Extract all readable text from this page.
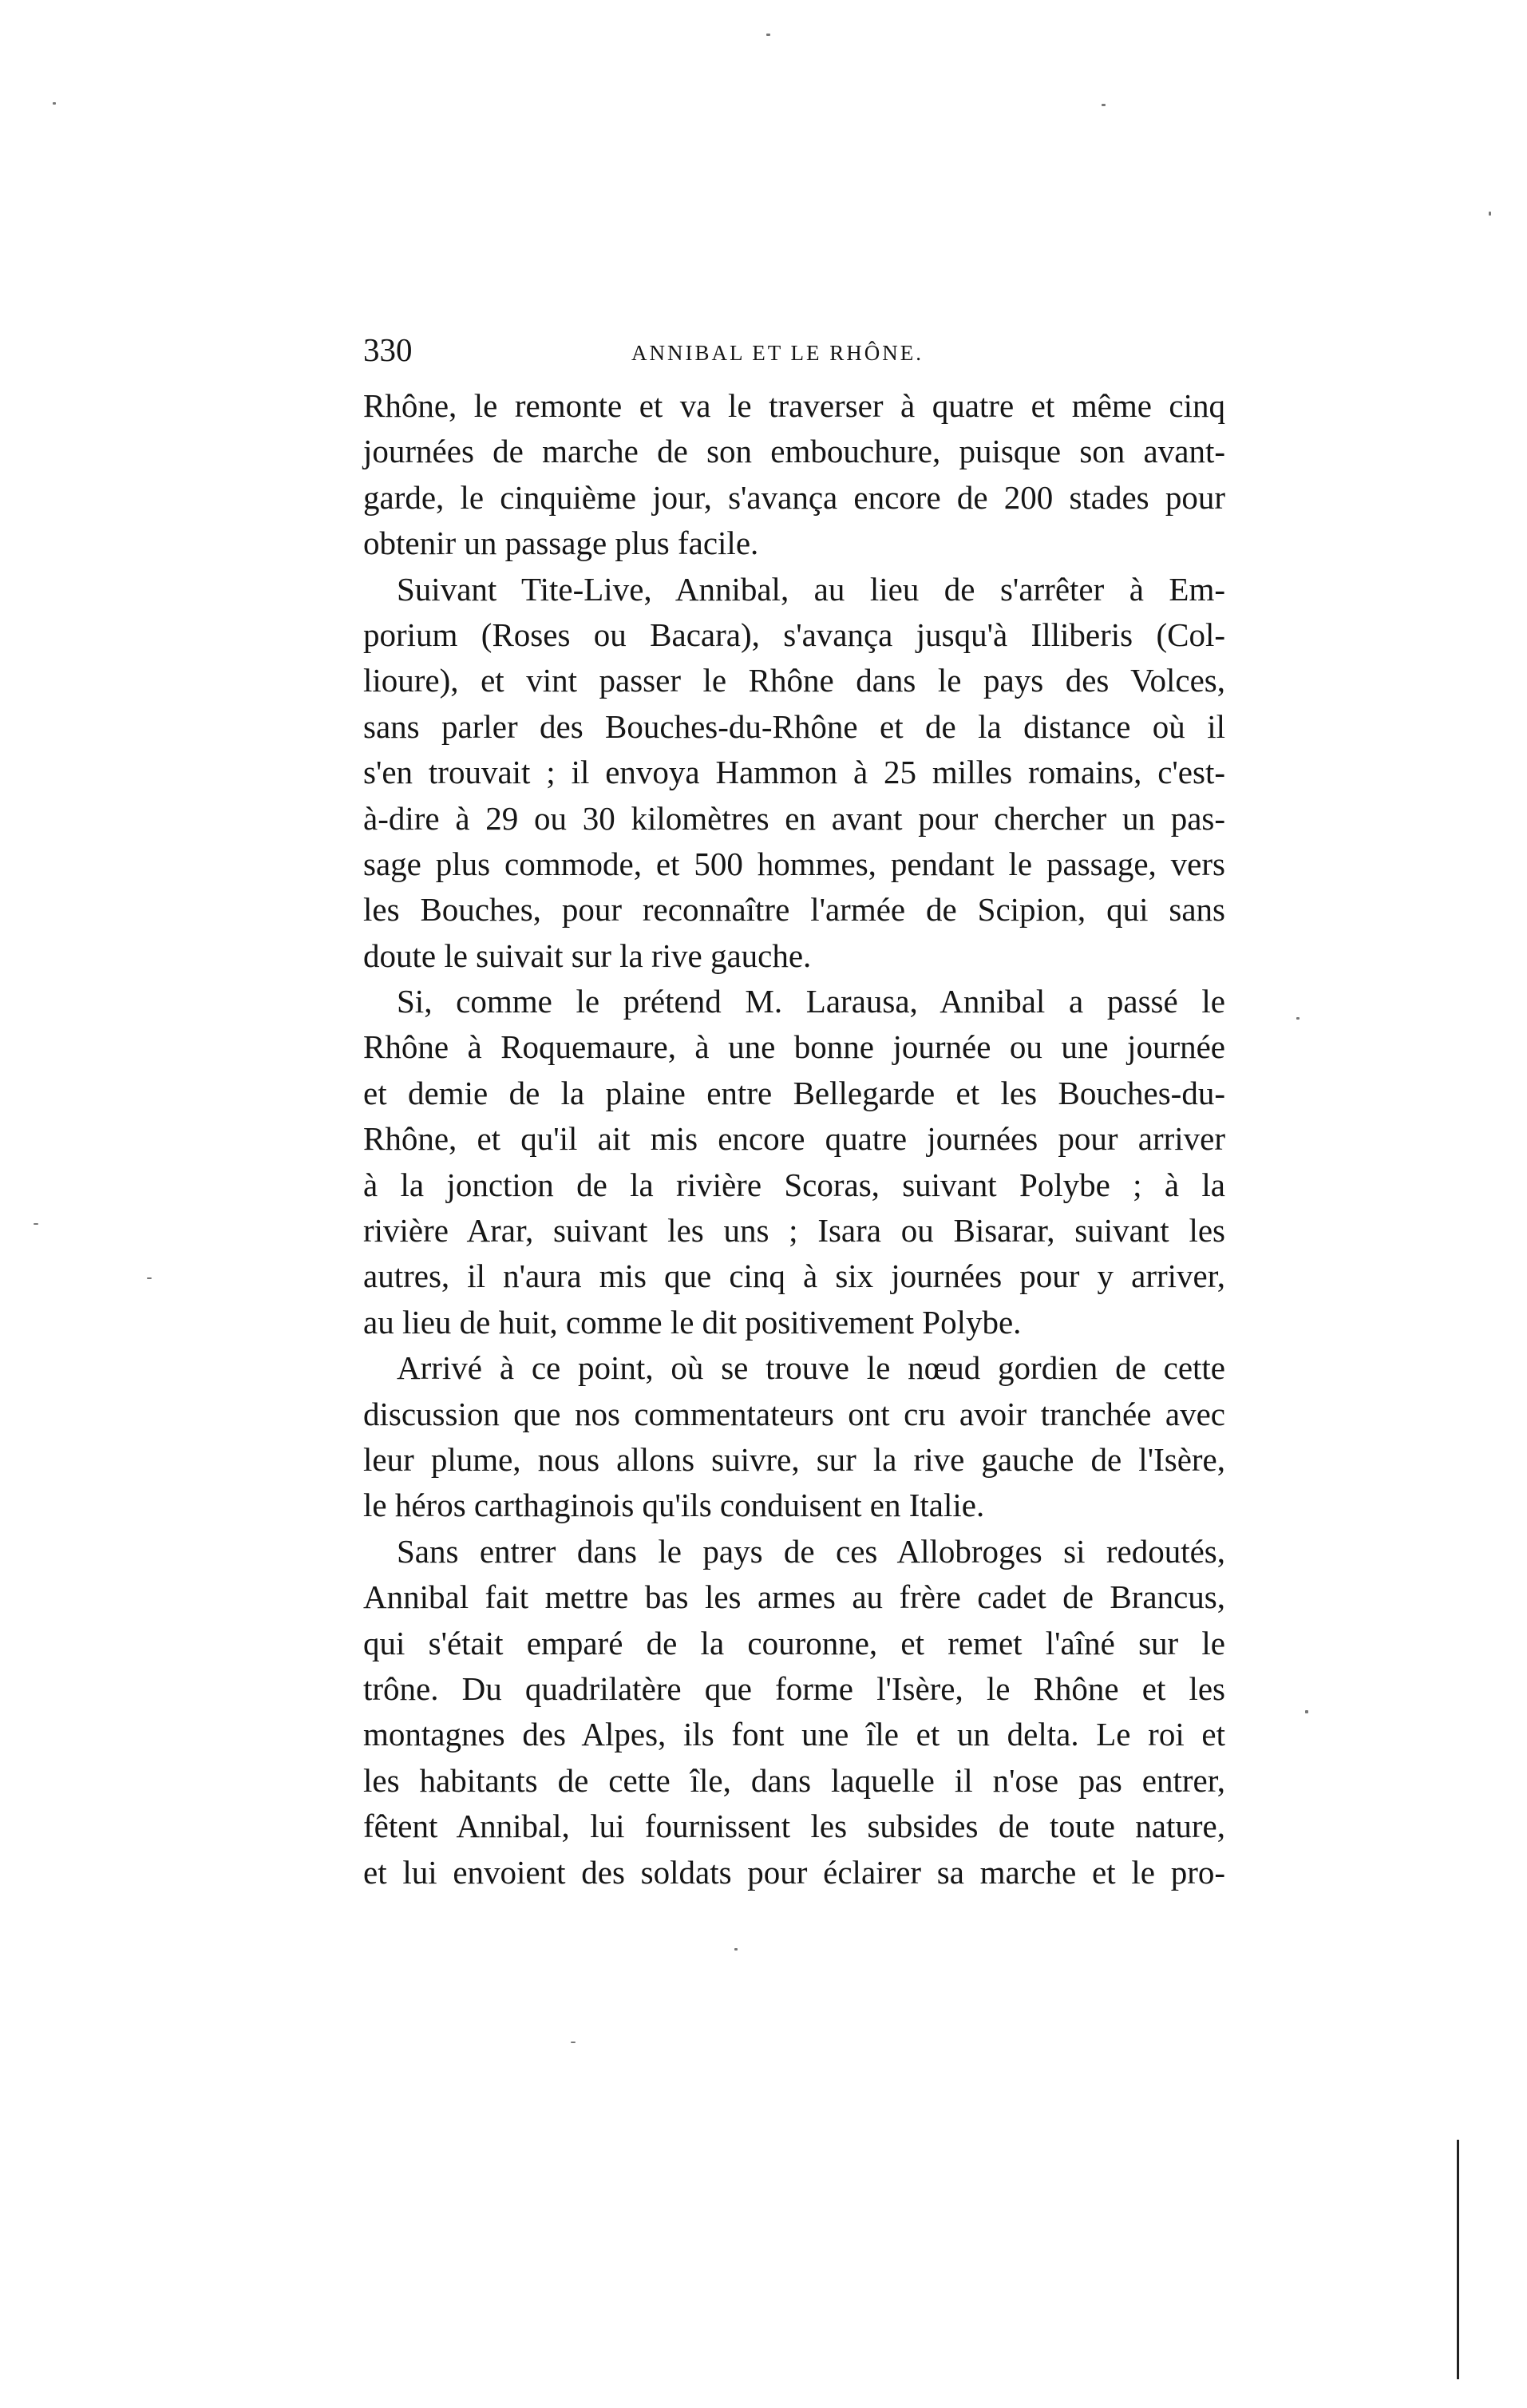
330	ANNIBAL ET LE RHÔNE.
Rhône, le remonte et va le traverser à quatre et même cinq
journées de marche de son embouchure, puisque son avant-
garde, le cinquième jour, s'avança encore de 200 stades pour
obtenir un passage plus facile.
Suivant Tite-Live, Annibal, au lieu de s'arrêter à Em-
porium (Roses ou Bacara), s'avança jusqu'à Illiberis (Col-
lioure), et vint passer le Rhône dans le pays des Volces,
sans parler des Bouches-du-Rhône et de la distance où il
s'en trouvait ; il envoya Hammon à 25 milles romains, c'est-
à-dire à 29 ou 30 kilomètres en avant pour chercher un pas-
sage plus commode, et 500 hommes, pendant le passage, vers
les Bouches, pour reconnaître l'armée de Scipion, qui sans
doute le suivait sur la rive gauche.
Si, comme le prétend M. Larausa, Annibal a passé le
Rhône à Roquemaure, à une bonne journée ou une journée
et demie de la plaine entre Bellegarde et les Bouches-du-
Rhône, et qu'il ait mis encore quatre journées pour arriver
à la jonction de la rivière Scoras, suivant Polybe ; à la
rivière Arar, suivant les uns ; Isara ou Bisarar, suivant les
autres, il n'aura mis que cinq à six journées pour y arriver,
au lieu de huit, comme le dit positivement Polybe.
Arrivé à ce point, où se trouve le nœud gordien de cette
discussion que nos commentateurs ont cru avoir tranchée avec
leur plume, nous allons suivre, sur la rive gauche de l'Isère,
le héros carthaginois qu'ils conduisent en Italie.
Sans entrer dans le pays de ces Allobroges si redoutés,
Annibal fait mettre bas les armes au frère cadet de Brancus,
qui s'était emparé de la couronne, et remet l'aîné sur le
trône. Du quadrilatère que forme l'Isère, le Rhône et les
montagnes des Alpes, ils font une île et un delta. Le roi et
les habitants de cette île, dans laquelle il n'ose pas entrer,
fêtent Annibal, lui fournissent les subsides de toute nature,
et lui envoient des soldats pour éclairer sa marche et le pro-
